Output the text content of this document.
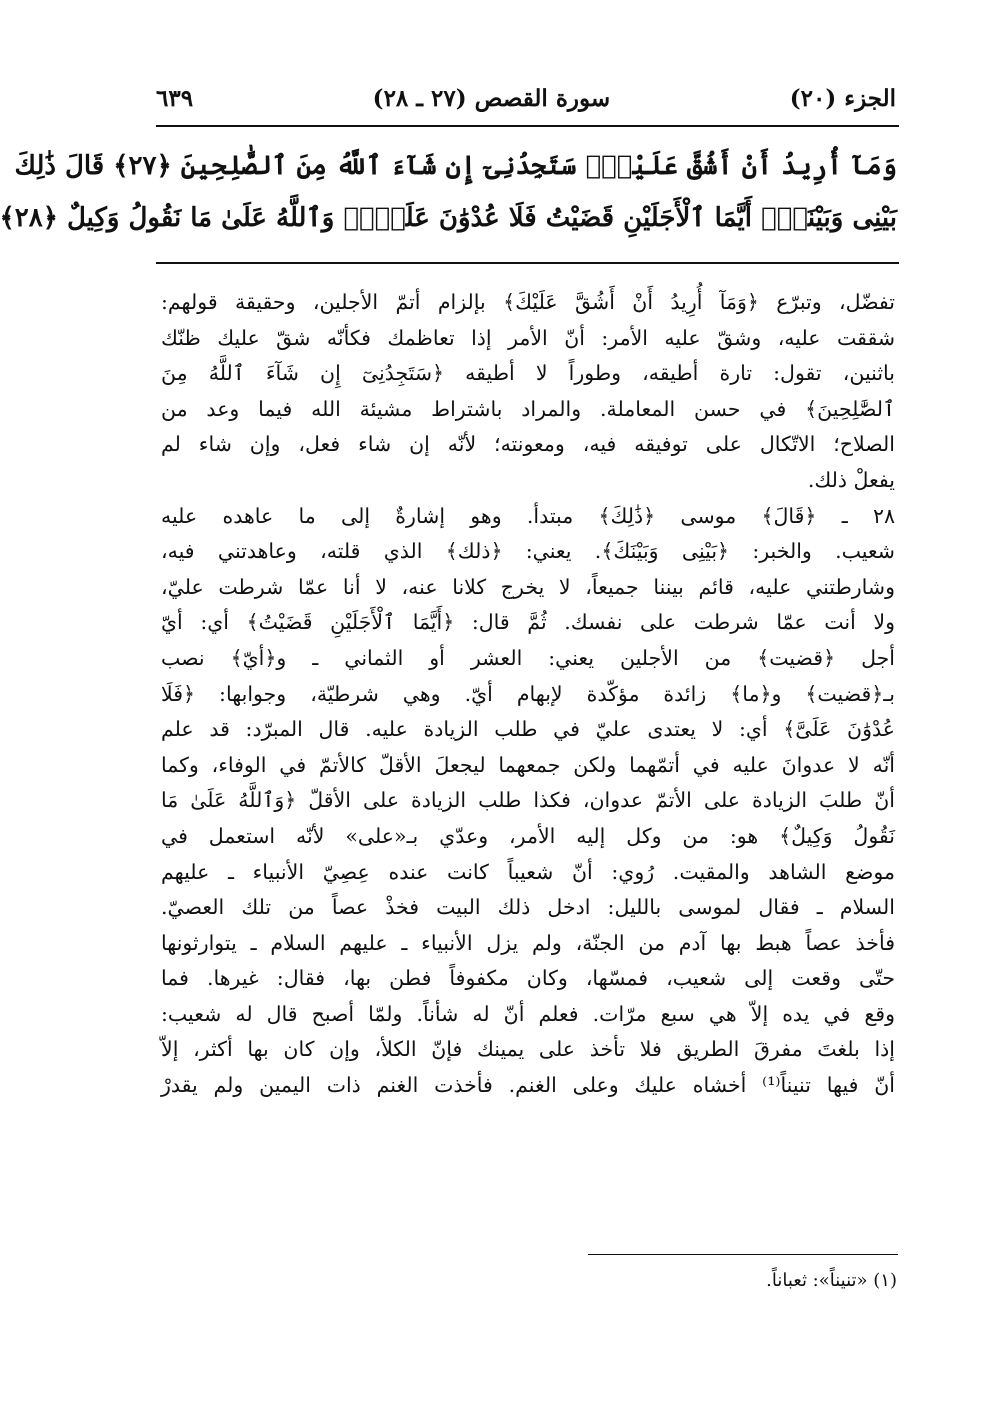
الجزء (٢٠)
سورة القصص (٢٧ ـ ٢٨)
٦٣٩
وَمَآ أُرِيدُ أَنْ أَشُقَّ عَلَيْكَۚ سَتَجِدُنِىٓ إِن شَآءَ ٱللَّهُ مِنَ ٱلصَّٰلِحِينَ ﴿٢٧﴾ قَالَ ذَٰلِكَ
بَيْنِى وَبَيْنَكَۖ أَيَّمَا ٱلْأَجَلَيْنِ قَضَيْتُ فَلَا عُدْوَٰنَ عَلَىَّۖ وَٱللَّهُ عَلَىٰ مَا نَقُولُ وَكِيلٌ ﴿٢٨﴾
تفضّل، وتبرّع ﴿وَمَآ أُرِيدُ أَنْ أَشُقَّ عَلَيْكَ﴾ بإلزام أتمّ الأجلين، وحقيقة قولهم:
شققت عليه، وشقّ عليه الأمر: أنّ الأمر إذا تعاظمك فكأنّه شقّ عليك ظنّك
باثنين، تقول: تارة أطيقه، وطوراً لا أطيقه ﴿سَتَجِدُنِىٓ إِن شَآءَ ٱللَّهُ مِنَ
ٱلصَّٰلِحِينَ﴾ في حسن المعاملة. والمراد باشتراط مشيئة الله فيما وعد من
الصلاح؛ الاتّكال على توفيقه فيه، ومعونته؛ لأنّه إن شاء فعل، وإن شاء لم
يفعلْ ذلك.
٢٨ ـ ﴿قَالَ﴾ موسى ﴿ذَٰلِكَ﴾ مبتدأ. وهو إشارةٌ إلى ما عاهده عليه
شعيب. والخبر: ﴿بَيْنِى وَبَيْنَكَ﴾. يعني: ﴿ذلك﴾ الذي قلته، وعاهدتني فيه،
وشارطتني عليه، قائم بيننا جميعاً، لا يخرج كلانا عنه، لا أنا عمّا شرطت عليّ،
ولا أنت عمّا شرطت على نفسك. ثُمَّ قال: ﴿أَيَّمَا ٱلْأَجَلَيْنِ قَضَيْتُ﴾ أي: أيّ
أجل ﴿قضيت﴾ من الأجلين يعني: العشر أو الثماني ـ و﴿أيّ﴾ نصب
بـ﴿قضيت﴾ و﴿ما﴾ زائدة مؤكّدة لإبهام أيّ. وهي شرطيّة، وجوابها: ﴿فَلَا
عُدْوَٰنَ عَلَىَّ﴾ أي: لا يعتدى عليّ في طلب الزيادة عليه. قال المبرّد: قد علم
أنّه لا عدوانَ عليه في أتمّهما ولكن جمعهما ليجعلَ الأقلّ كالأتمّ في الوفاء، وكما
أنّ طلبَ الزيادة على الأتمّ عدوان، فكذا طلب الزيادة على الأقلّ ﴿وَٱللَّهُ عَلَىٰ مَا
نَقُولُ وَكِيلٌ﴾ هو: من وكل إليه الأمر، وعدّي بـ«على» لأنّه استعمل في
موضع الشاهد والمقيت. رُوي: أنّ شعيباً كانت عنده عِصِيّ الأنبياء ـ عليهم
السلام ـ فقال لموسى بالليل: ادخل ذلك البيت فخذْ عصاً من تلك العصيّ.
فأخذ عصاً هبط بها آدم من الجنّة، ولم يزل الأنبياء ـ عليهم السلام ـ يتوارثونها
حتّى وقعت إلى شعيب، فمسّها، وكان مكفوفاً فطن بها، فقال: غيرها. فما
وقع في يده إلاّ هي سبع مرّات. فعلم أنّ له شأناً. ولمّا أصبح قال له شعيب:
إذا بلغتَ مفرقَ الطريق فلا تأخذ على يمينك فإنّ الكلأ، وإن كان بها أكثر، إلاّ
أنّ فيها تنيناً⁽¹⁾ أخشاه عليك وعلى الغنم. فأخذت الغنم ذات اليمين ولم يقدرْ
(١) «تنيناً»: ثعباناً.
